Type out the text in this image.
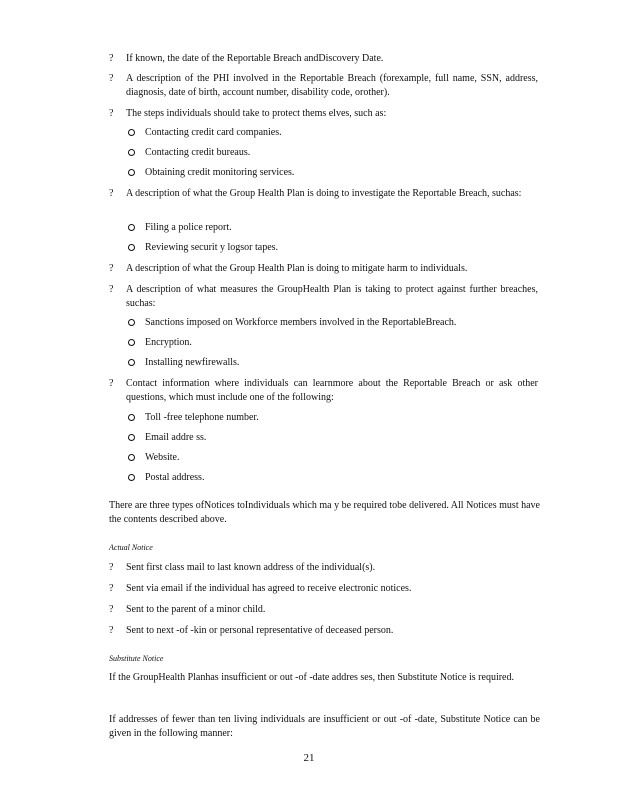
? If known, the date of the Reportable Breach andDiscovery Date.
? A description of the PHI involved in the Reportable Breach (forexample, full name, SSN, address, diagnosis, date of birth, account number, disability code, orother).
? The steps individuals should take to protect thems elves, such as:
Contacting credit card companies.
Contacting credit bureaus.
Obtaining credit monitoring services.
? A description of what the Group Health Plan is doing to investigate the Reportable Breach, suchas:
Filing a police report.
Reviewing securit y logsor tapes.
? A description of what the Group Health Plan is doing to mitigate harm to individuals.
? A description of what measures the GroupHealth Plan is taking to protect against further breaches, suchas:
Sanctions imposed on Workforce members involved in the ReportableBreach.
Encryption.
Installing newfirewalls.
? Contact information where individuals can learnmore about the Reportable Breach or ask other questions, which must include one of the following:
Toll -free telephone number.
Email addre ss.
Website.
Postal address.
There are three types ofNotices toIndividuals which ma y be required tobe delivered. All Notices must have the contents described above.
Actual Notice
? Sent first class mail to last known address of the individual(s).
? Sent via email if the individual has agreed to receive electronic notices.
? Sent to the parent of a minor child.
? Sent to next -of -kin or personal representative of deceased person.
Substitute Notice
If the GroupHealth Planhas insufficient or out -of -date addres ses, then Substitute Notice is required.
If addresses of fewer than ten living individuals are insufficient or out -of -date, Substitute Notice can be given in the following manner:
21
